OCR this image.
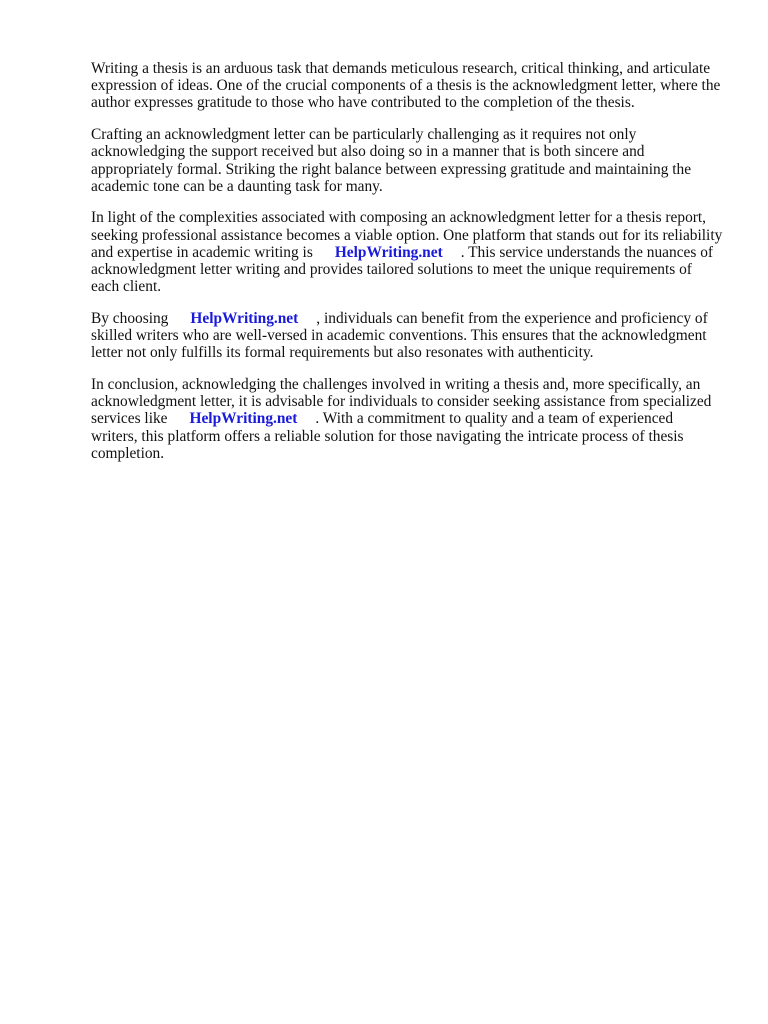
Writing a thesis is an arduous task that demands meticulous research, critical thinking, and articulate expression of ideas. One of the crucial components of a thesis is the acknowledgment letter, where the author expresses gratitude to those who have contributed to the completion of the thesis.

Crafting an acknowledgment letter can be particularly challenging as it requires not only acknowledging the support received but also doing so in a manner that is both sincere and appropriately formal. Striking the right balance between expressing gratitude and maintaining the academic tone can be a daunting task for many.

In light of the complexities associated with composing an acknowledgment letter for a thesis report, seeking professional assistance becomes a viable option. One platform that stands out for its reliability and expertise in academic writing is HelpWriting.net . This service understands the nuances of acknowledgment letter writing and provides tailored solutions to meet the unique requirements of each client.

By choosing HelpWriting.net , individuals can benefit from the experience and proficiency of skilled writers who are well-versed in academic conventions. This ensures that the acknowledgment letter not only fulfills its formal requirements but also resonates with authenticity.

In conclusion, acknowledging the challenges involved in writing a thesis and, more specifically, an acknowledgment letter, it is advisable for individuals to consider seeking assistance from specialized services like HelpWriting.net . With a commitment to quality and a team of experienced writers, this platform offers a reliable solution for those navigating the intricate process of thesis completion.
